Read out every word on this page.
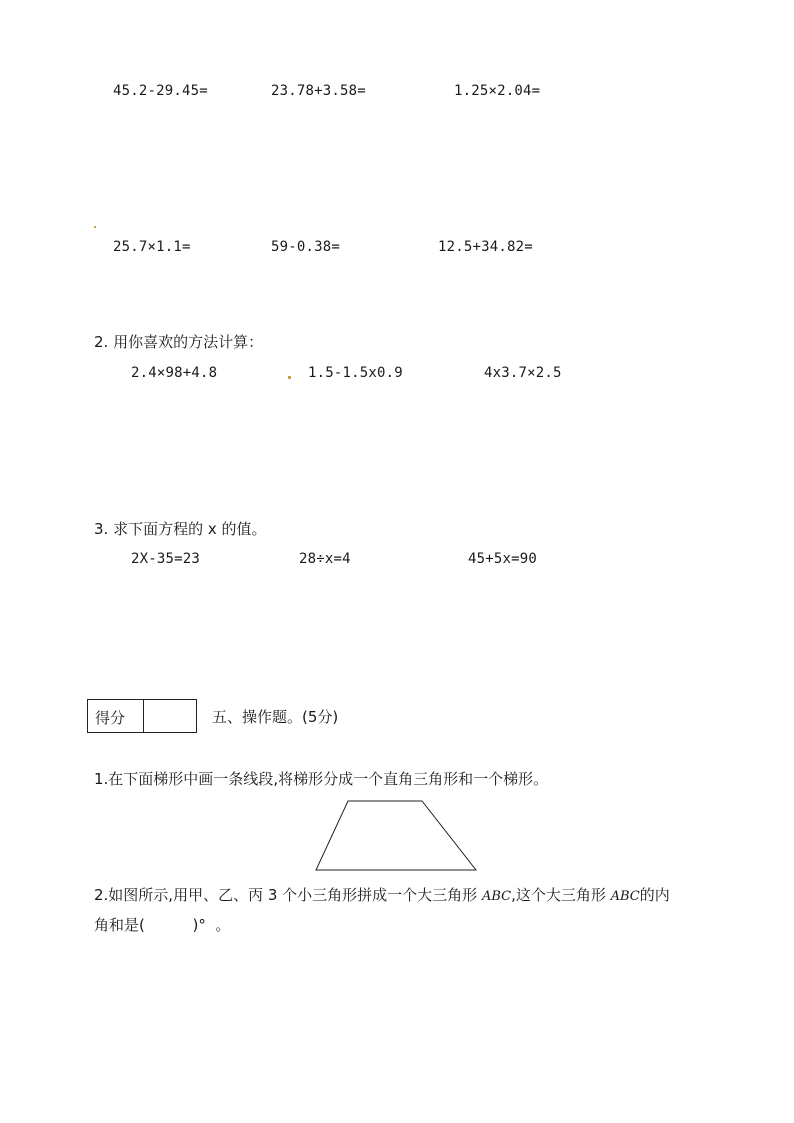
45.2-29.45=	23.78+3.58=	1.25×2.04=
25.7×1.1=	59-0.38=	12.5+34.82=
2. 用你喜欢的方法计算：
2.4×98+4.8	1.5-1.5x0.9	4x3.7×2.5
3. 求下面方程的 x 的值。
2X-35=23	28÷x=4	45+5x=90
得分	五、操作题。(5分)
1.在下面梯形中画一条线段,将梯形分成一个直角三角形和一个梯形。
2.如图所示,用甲、乙、丙 3 个小三角形拼成一个大三角形 ABC,这个大三角形 ABC的内
角和是(          )°  。
